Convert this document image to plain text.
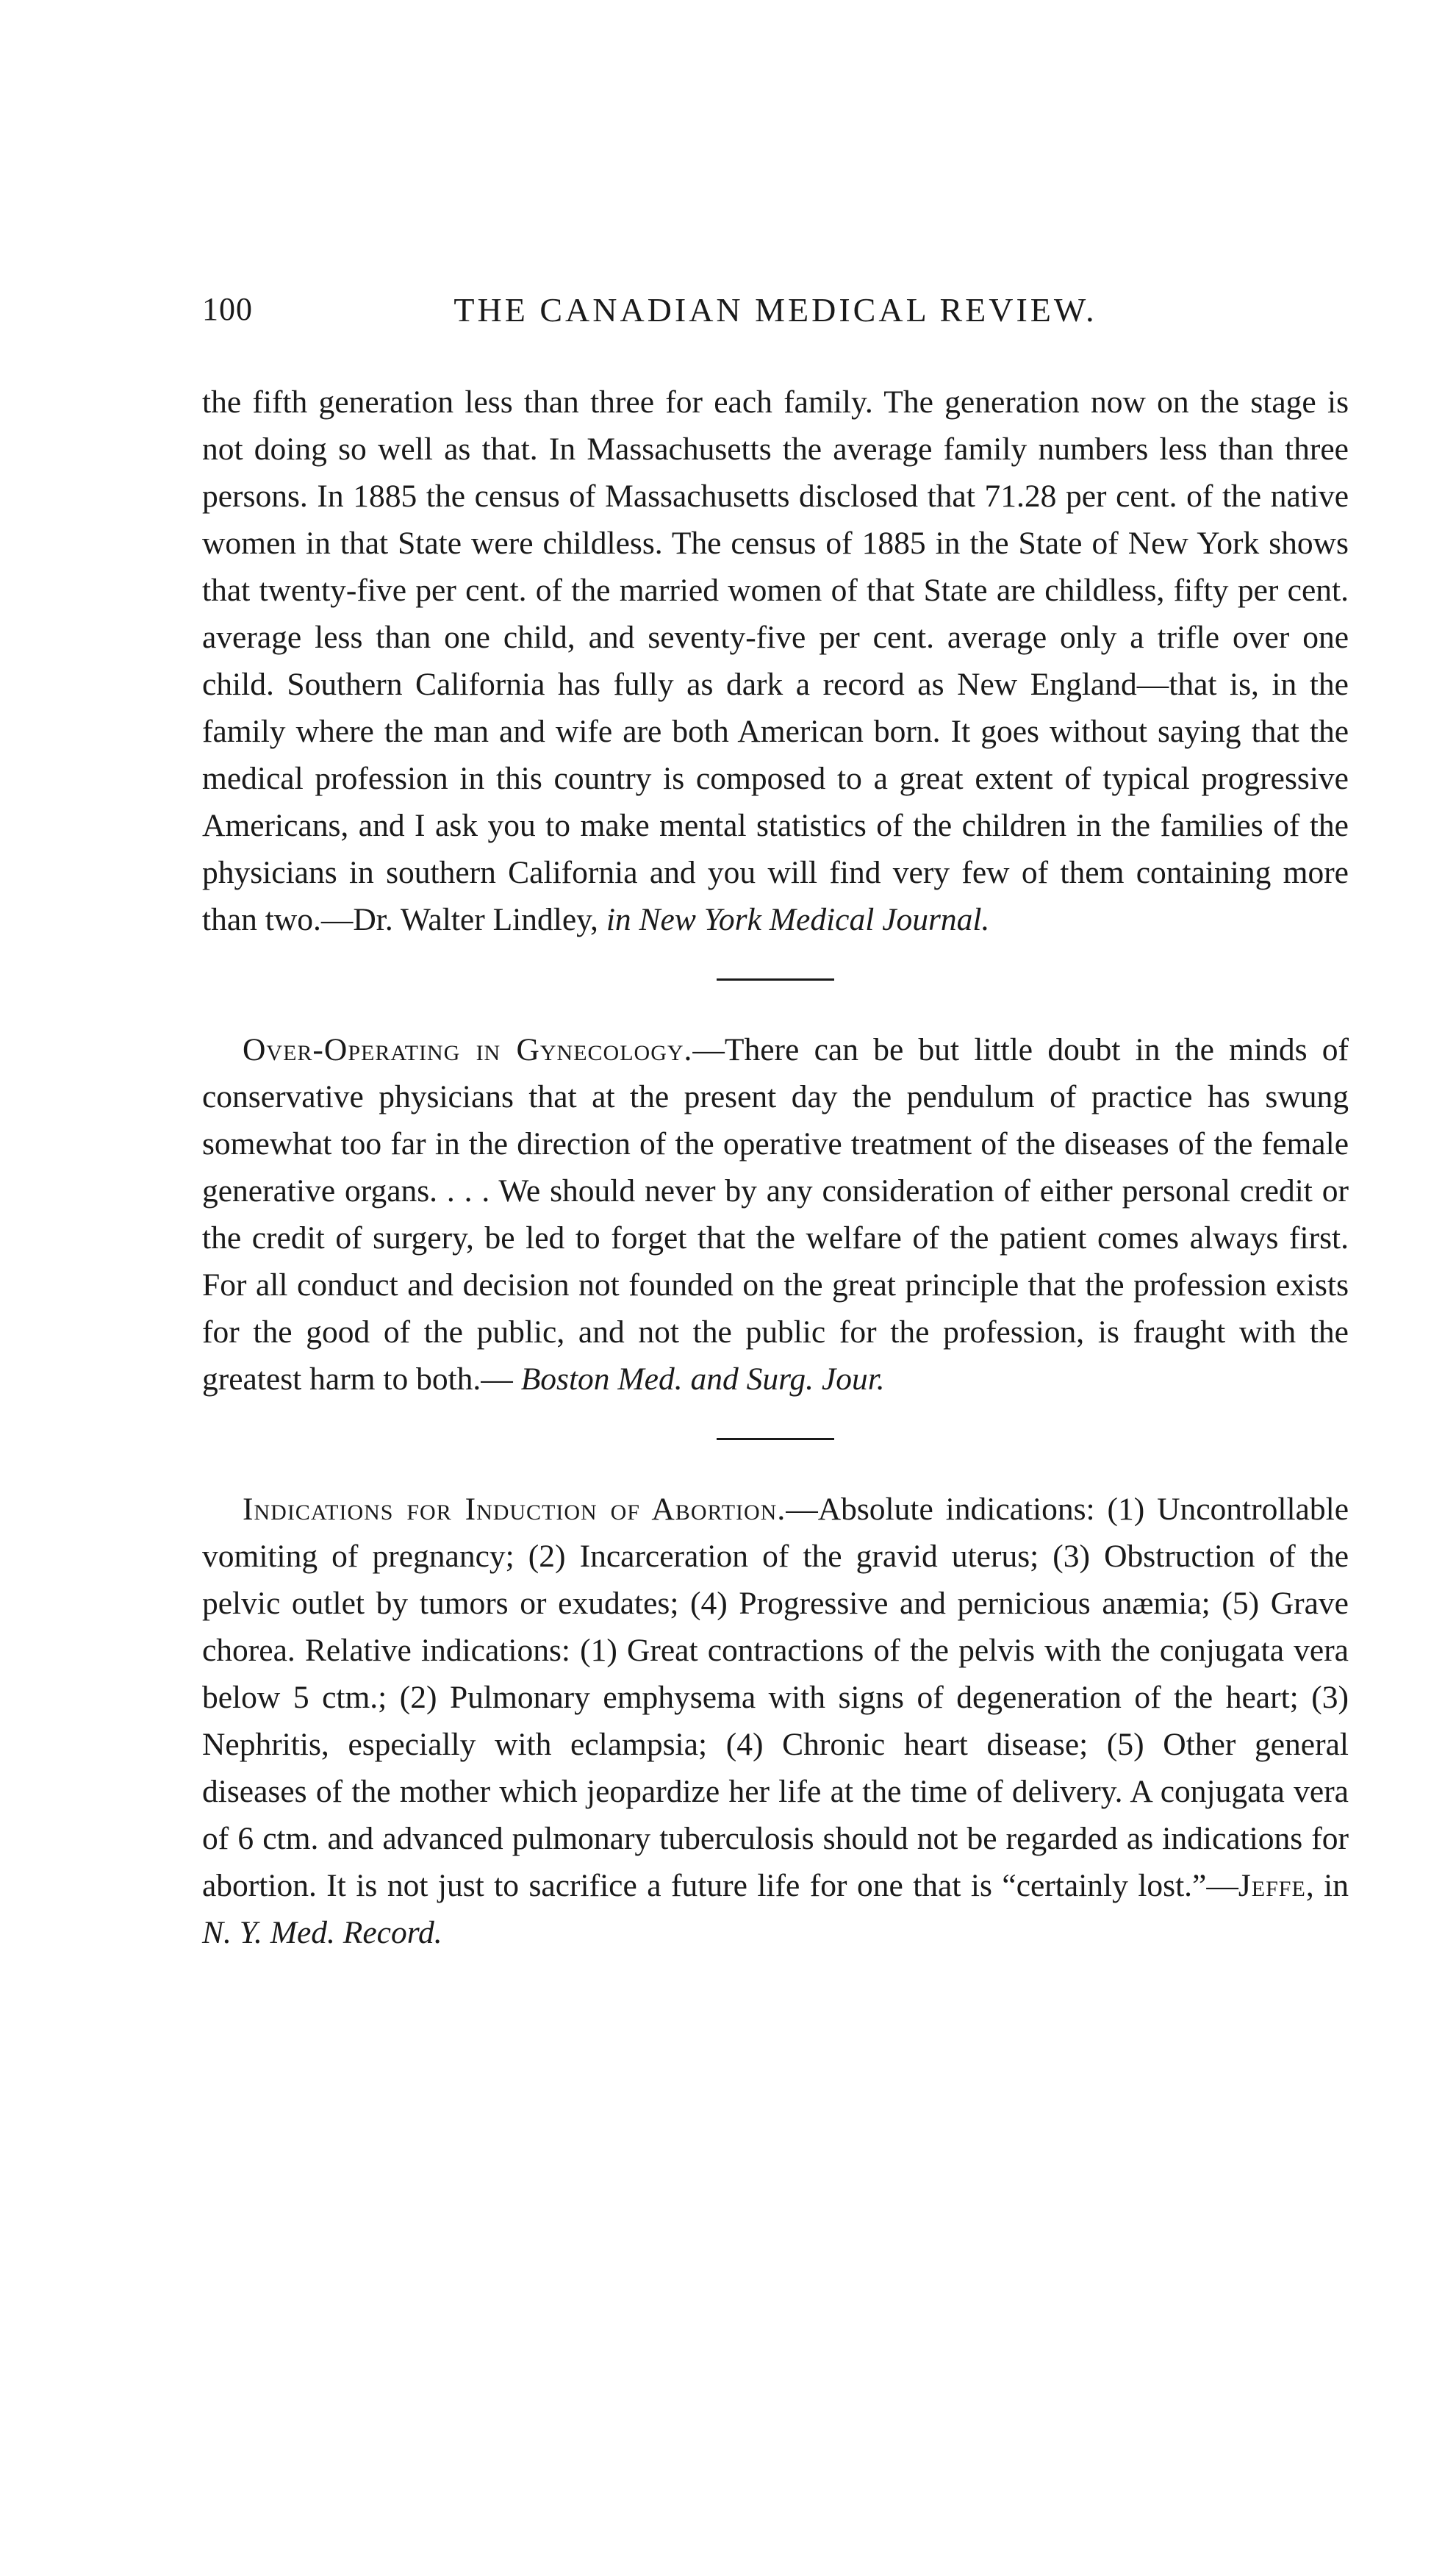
100	THE CANADIAN MEDICAL REVIEW.

the fifth generation less than three for each family. The generation now on the stage is not doing so well as that. In Massachusetts the average family numbers less than three persons. In 1885 the census of Massachusetts disclosed that 71.28 per cent. of the native women in that State were childless. The census of 1885 in the State of New York shows that twenty-five per cent. of the married women of that State are childless, fifty per cent. average less than one child, and seventy-five per cent. average only a trifle over one child. Southern California has fully as dark a record as New England—that is, in the family where the man and wife are both American born. It goes without saying that the medical profession in this country is composed to a great extent of typical progressive Americans, and I ask you to make mental statistics of the children in the families of the physicians in southern California and you will find very few of them containing more than two.—Dr. Walter Lindley, in New York Medical Journal.

Over-Operating in Gynecology.—There can be but little doubt in the minds of conservative physicians that at the present day the pendulum of practice has swung somewhat too far in the direction of the operative treatment of the diseases of the female generative organs. . . . We should never by any consideration of either personal credit or the credit of surgery, be led to forget that the welfare of the patient comes always first. For all conduct and decision not founded on the great principle that the profession exists for the good of the public, and not the public for the profession, is fraught with the greatest harm to both.— Boston Med. and Surg. Jour.

Indications for Induction of Abortion.—Absolute indications: (1) Uncontrollable vomiting of pregnancy; (2) Incarceration of the gravid uterus; (3) Obstruction of the pelvic outlet by tumors or exudates; (4) Progressive and pernicious anæmia; (5) Grave chorea. Relative indications: (1) Great contractions of the pelvis with the conjugata vera below 5 ctm.; (2) Pulmonary emphysema with signs of degeneration of the heart; (3) Nephritis, especially with eclampsia; (4) Chronic heart disease; (5) Other general diseases of the mother which jeopardize her life at the time of delivery. A conjugata vera of 6 ctm. and advanced pulmonary tuberculosis should not be regarded as indications for abortion. It is not just to sacrifice a future life for one that is “certainly lost.”—Jeffe, in N. Y. Med. Record.
